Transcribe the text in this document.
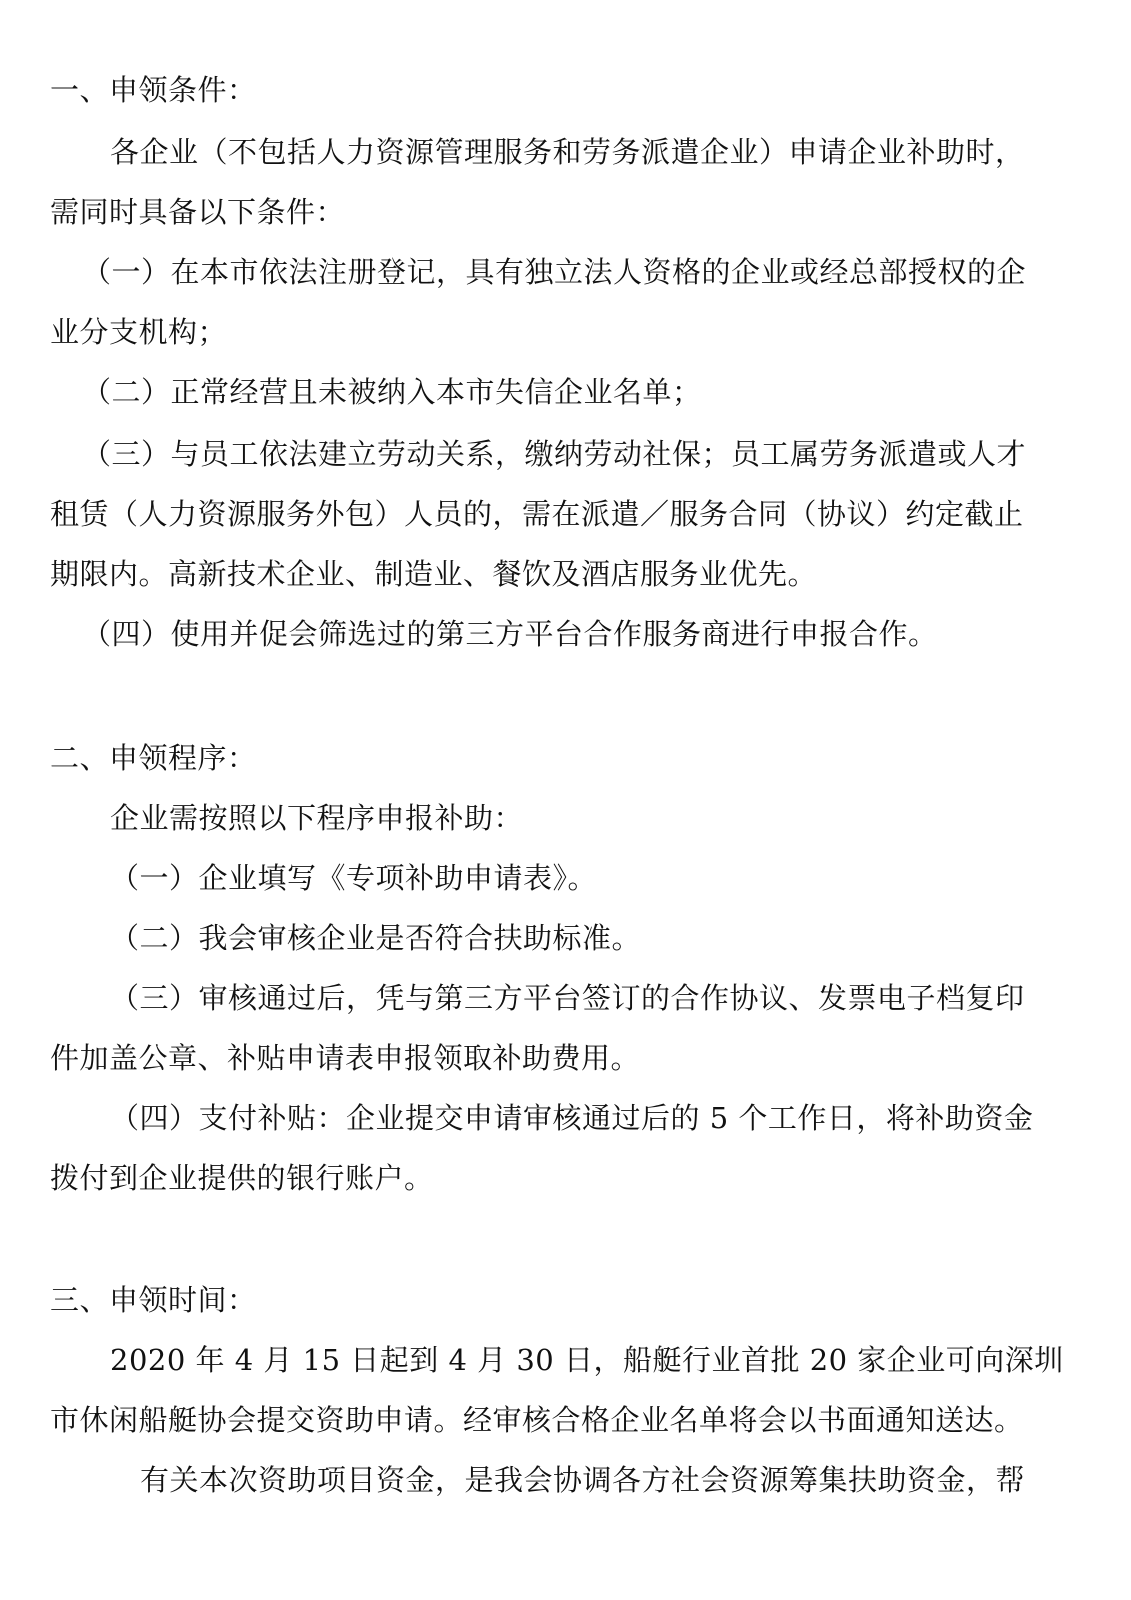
一、申领条件：
各企业（不包括人力资源管理服务和劳务派遣企业）申请企业补助时，
需同时具备以下条件：
（一）在本市依法注册登记，具有独立法人资格的企业或经总部授权的企
业分支机构；
（二）正常经营且未被纳入本市失信企业名单；
（三）与员工依法建立劳动关系，缴纳劳动社保；员工属劳务派遣或人才
租赁（人力资源服务外包）人员的，需在派遣／服务合同（协议）约定截止
期限内。高新技术企业、制造业、餐饮及酒店服务业优先。
（四）使用并促会筛选过的第三方平台合作服务商进行申报合作。
二、申领程序：
企业需按照以下程序申报补助：
（一）企业填写《专项补助申请表》。
（二）我会审核企业是否符合扶助标准。
（三）审核通过后，凭与第三方平台签订的合作协议、发票电子档复印
件加盖公章、补贴申请表申报领取补助费用。
（四）支付补贴：企业提交申请审核通过后的 5 个工作日，将补助资金
拨付到企业提供的银行账户。
三、申领时间：
2020 年 4 月 15 日起到 4 月 30 日，船艇行业首批 20 家企业可向深圳
市休闲船艇协会提交资助申请。经审核合格企业名单将会以书面通知送达。
有关本次资助项目资金，是我会协调各方社会资源筹集扶助资金，帮
